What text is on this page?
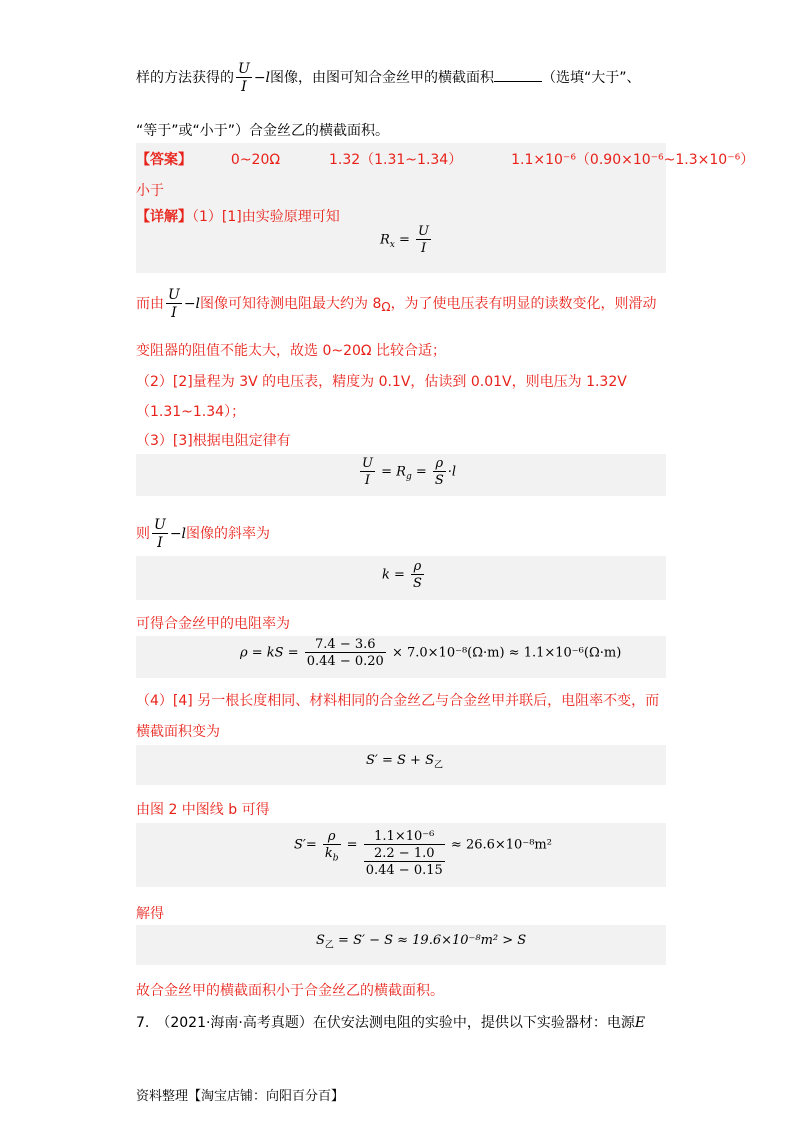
样的方法获得的 $\frac{U}{I} -l$图像，由图可知合金丝甲的横截面积	（选填“大于”、
“等于”或“小于”）合金丝乙的横截面积。
【答案】	0~20Ω	1.32（1.31~1.34）	1.1×10⁻⁶（0.90×10⁻⁶~1.3×10⁻⁶）
小于
【详解】（1）[1]由实验原理可知
$R_x = \frac{U}{I}$
而由 $\frac{U}{I} -l$图像可知待测电阻最大约为 8Ω，为了使电压表有明显的读数变化，则滑动
变阻器的阻值不能太大，故选 0~20Ω 比较合适；
（2）[2]量程为 3V 的电压表，精度为 0.1V，估读到 0.01V，则电压为 1.32V
（1.31~1.34）；
（3）[3]根据电阻定律有
$\frac{U}{I} = R_g = \frac{\rho}{S} \cdot l$
则 $\frac{U}{I} -l$图像的斜率为
$k = \frac{\rho}{S}$
可得合金丝甲的电阻率为
ρ = kS = $\frac{7.4 - 3.6}{0.44 - 0.20} \times 7.0\times 10^{-8}(\Omega\cdot m) \approx 1.1\times 10^{-6}(\Omega\cdot m)$
（4）[4] 另一根长度相同、材料相同的合金丝乙与合金丝甲并联后，电阻率不变，而
横截面积变为
$S' = S + S_乙$
由图 2 中图线 b 可得
$S'= \frac{\rho}{k_b}$ =
1.1×10⁻⁶
2.2 − 1.0
0.44 − 0.15
≈ 26.6×10⁻⁸m²
解得
$S_乙 = S' - S \approx 19.6\times 10^{-8}m^2 > S$
故合金丝甲的横截面积小于合金丝乙的横截面积。
7.　（2021·海南·高考真题）在伏安法测电阻的实验中，提供以下实验器材：电源E
资料整理【淘宝店铺：向阳百分百】
